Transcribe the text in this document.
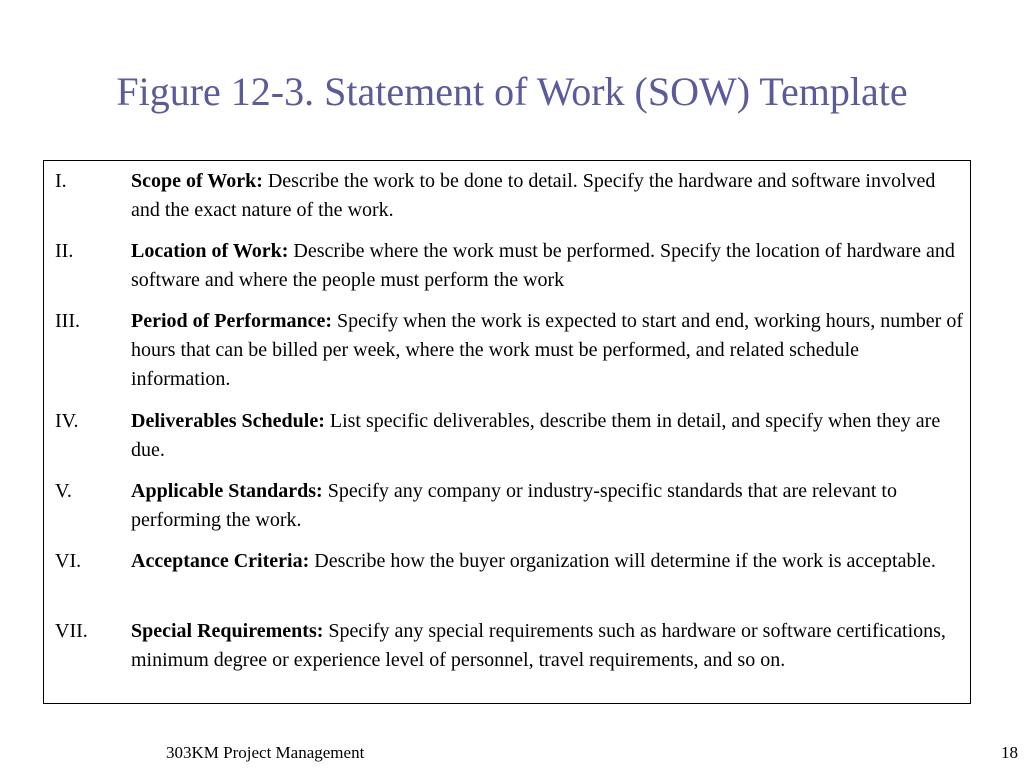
Figure 12-3. Statement of Work (SOW) Template
I.	Scope of Work: Describe the work to be done to detail. Specify the hardware and software involved and the exact nature of the work.
II.	Location of Work: Describe where the work must be performed. Specify the location of hardware and software and where the people must perform the work
III.	Period of Performance: Specify when the work is expected to start and end, working hours, number of hours that can be billed per week, where the work must be performed, and related schedule information.
IV.	Deliverables Schedule: List specific deliverables, describe them in detail, and specify when they are due.
V.	Applicable Standards: Specify any company or industry-specific standards that are relevant to performing the work.
VI.	Acceptance Criteria: Describe how the buyer organization will determine if the work is acceptable.
VII.	Special Requirements: Specify any special requirements such as hardware or software certifications, minimum degree or experience level of personnel, travel requirements, and so on.
303KM Project Management	18
